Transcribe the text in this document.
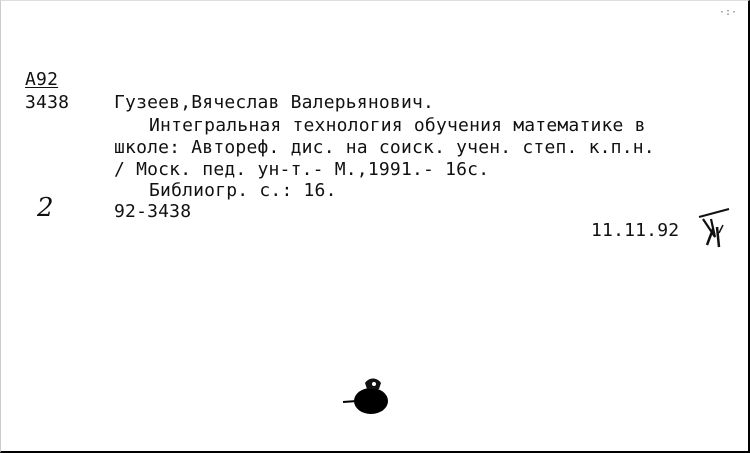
·:·
A92
3438
2
Гузеев,Вячеслав Валерьянович.
Интегральная технология обучения математике в
школе: Автореф. дис. на соиск. учен. степ. к.п.н.
/ Моск. пед. ун-т.- М.,1991.- 16с.
Библиогр. с.: 16.
92-3438
11.11.92
